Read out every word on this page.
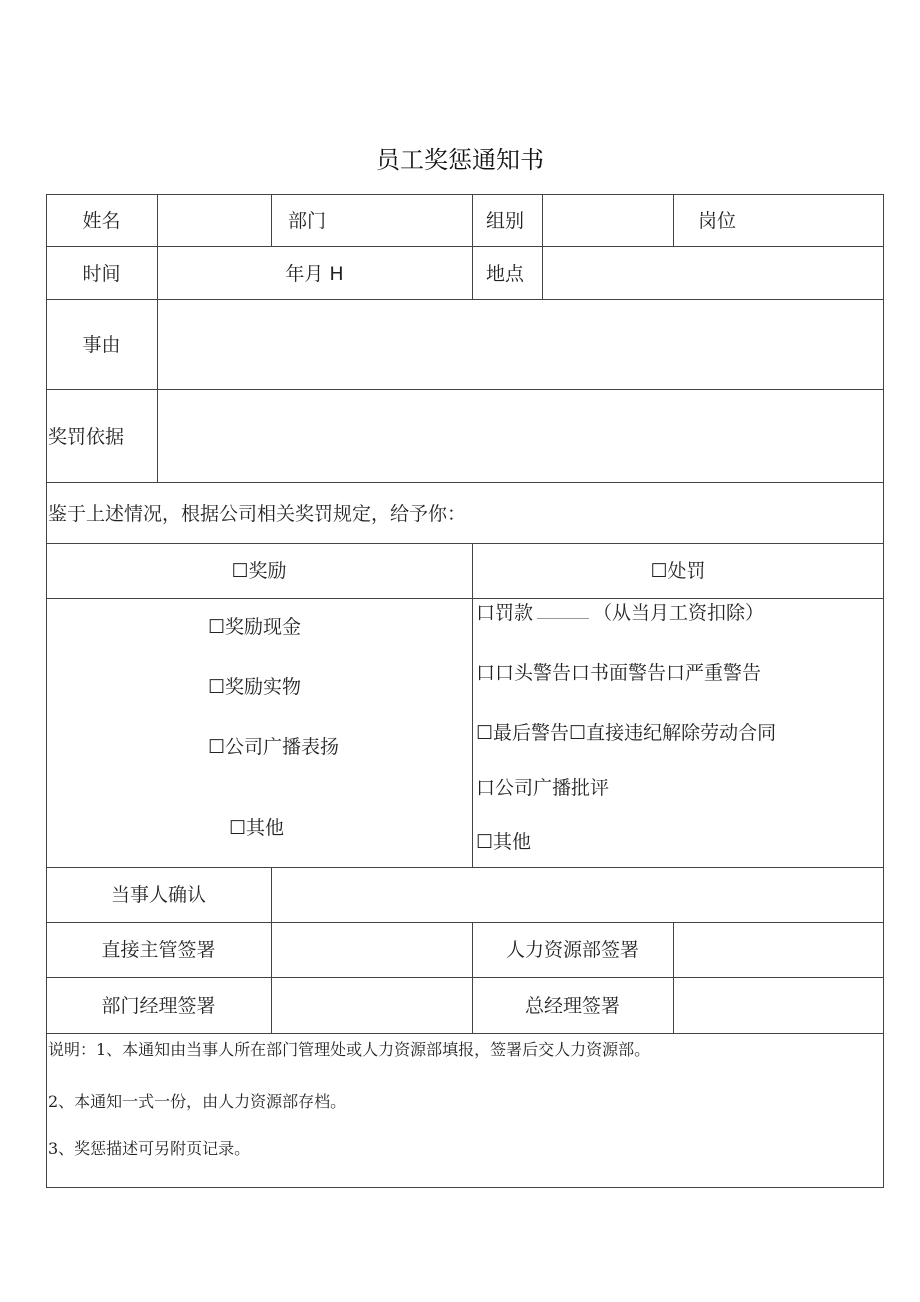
员工奖惩通知书
姓名	部门	组别	岗位
时间	年月 H	地点
事由
奖罚依据
鉴于上述情况，根据公司相关奖罚规定，给予你：
☐奖励	☐处罚
☐奖励现金
☐奖励实物
☐公司广播表扬
☐其他
口罚款	（从当月工资扣除）
口口头警告口书面警告口严重警告
☐最后警告☐直接违纪解除劳动合同
口公司广播批评
☐其他
当事人确认
直接主管签署	人力资源部签署
部门经理签署	总经理签署
说明：1、本通知由当事人所在部门管理处或人力资源部填报，签署后交人力资源部。
2、本通知一式一份，由人力资源部存档。
3、奖惩描述可另附页记录。
